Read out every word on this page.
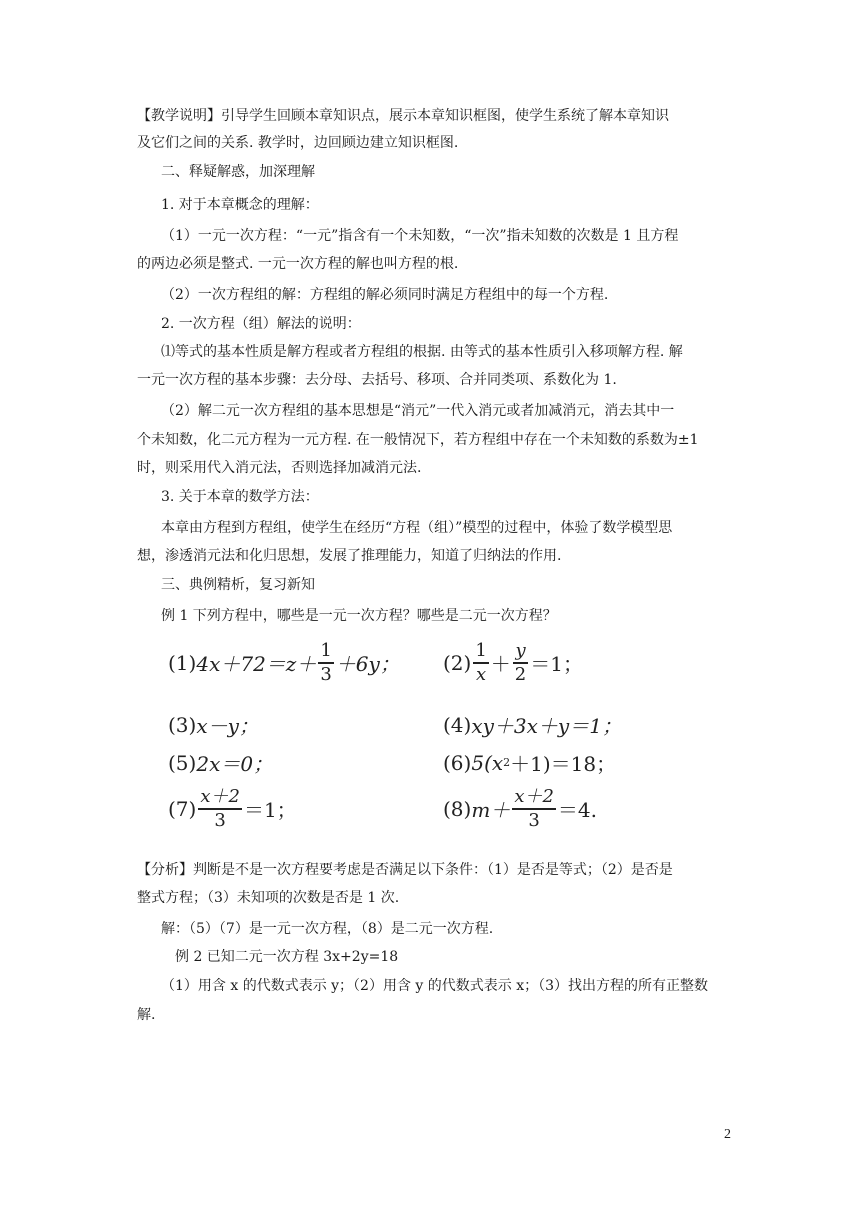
【教学说明】引导学生回顾本章知识点，展示本章知识框图，使学生系统了解本章知识
及它们之间的关系. 教学时，边回顾边建立知识框图.
二、释疑解惑，加深理解
1. 对于本章概念的理解：
（1）一元一次方程：“一元”指含有一个未知数，“一次”指未知数的次数是 1 且方程
的两边必须是整式. 一元一次方程的解也叫方程的根.
（2）一次方程组的解：方程组的解必须同时满足方程组中的每一个方程.
2. 一次方程（组）解法的说明：
⑴等式的基本性质是解方程或者方程组的根据. 由等式的基本性质引入移项解方程. 解
一元一次方程的基本步骤：去分母、去括号、移项、合并同类项、系数化为 1.
（2）解二元一次方程组的基本思想是“消元”一代入消元或者加减消元，消去其中一
个未知数，化二元方程为一元方程. 在一般情况下，若方程组中存在一个未知数的系数为±1
时，则采用代入消元法，否则选择加减消元法.
3. 关于本章的数学方法：
本章由方程到方程组，使学生在经历“方程（组）”模型的过程中，体验了数学模型思
想，渗透消元法和化归思想，发展了推理能力，知道了归纳法的作用.
三、典例精析，复习新知
例 1 下列方程中，哪些是一元一次方程？哪些是二元一次方程？
(1) $4x+72=z+ \frac{1}{3} +6y$； $(2) \frac{1}{x} + \frac{y}{2} =1$；
(3) x－y；	(4) xy＋3x＋y＝1；
(5) 2x＝0；	(6) 5(x 2 ＋1)＝18；
$(7) \frac{x+2}{3} =1$；	(8) $m+ \frac{x+2}{3} =4$.
【分析】判断是不是一次方程要考虑是否满足以下条件：（1）是否是等式；（2）是否是
整式方程；（3）未知项的次数是否是 1 次.
解：（5）（7）是一元一次方程，（8）是二元一次方程.
例 2 已知二元一次方程 3x+2y=18
（1）用含 x 的代数式表示 y；（2）用含 y 的代数式表示 x；（3）找出方程的所有正整数
解.
2
